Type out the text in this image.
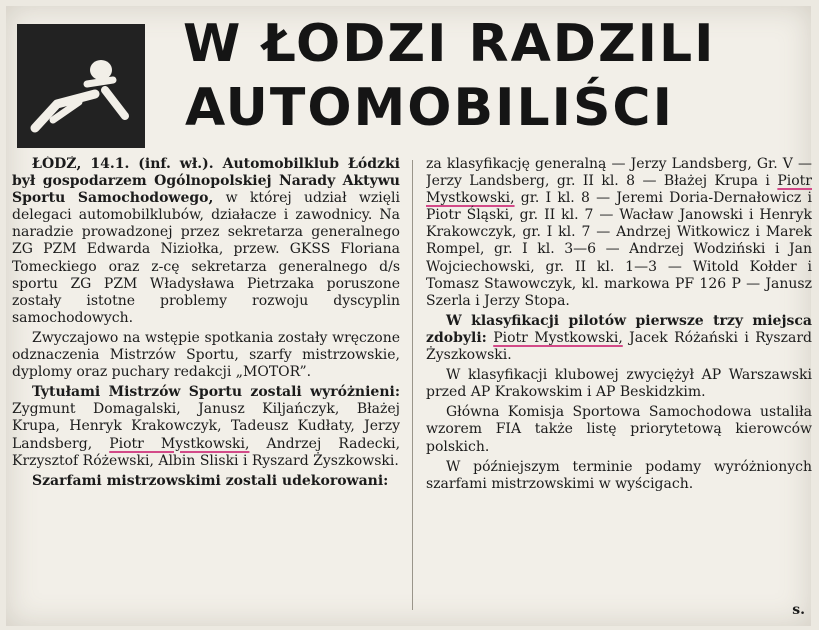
W ŁODZI RADZILI
AUTOMOBILIŚCI

ŁÓDŹ, 14.1. (inf. wł.). Automobilklub Łódzki był gospodarzem Ogólnopolskiej Narady Aktywu Sportu Samochodowego, w której udział wzięli delegaci automobilklubów, działacze i zawodnicy. Na naradzie prowadzonej przez sekretarza generalnego ZG PZM Edwarda Niziołka, przew. GKSS Floriana Tomeckiego oraz z-cę sekretarza generalnego d/s sportu ZG PZM Władysława Pietrzaka poruszone zostały istotne problemy rozwoju dyscyplin samochodowych.

Zwyczajowo na wstępie spotkania zostały wręczone odznaczenia Mistrzów Sportu, szarfy mistrzowskie, dyplomy oraz puchary redakcji „MOTOR”.

Tytułami Mistrzów Sportu zostali wyróżnieni: Zygmunt Domagalski, Janusz Kiljańczyk, Błażej Krupa, Henryk Krakowczyk, Tadeusz Kudłaty, Jerzy Landsberg, Piotr Mystkowski, Andrzej Radecki, Krzysztof Różewski, Albin Sliski i Ryszard Żyszkowski.

Szarfami mistrzowskimi zostali udekorowani:

za klasyfikację generalną — Jerzy Landsberg, Gr. V — Jerzy Landsberg, gr. II kl. 8 — Błażej Krupa i Piotr Mystkowski, gr. I kl. 8 — Jeremi Doria-Dernałowicz i Piotr Śląski, gr. II kl. 7 — Wacław Janowski i Henryk Krakowczyk, gr. I kl. 7 — Andrzej Witkowicz i Marek Rompel, gr. I kl. 3—6 — Andrzej Wodziński i Jan Wojciechowski, gr. II kl. 1—3 — Witold Kołder i Tomasz Stawowczyk, kl. markowa PF 126 P — Janusz Szerla i Jerzy Stopa.

W klasyfikacji pilotów pierwsze trzy miejsca zdobyli: Piotr Mystkowski, Jacek Różański i Ryszard Żyszkowski.

W klasyfikacji klubowej zwyciężył AP Warszawski przed AP Krakowskim i AP Beskidzkim.

Główna Komisja Sportowa Samochodowa ustaliła wzorem FIA także listę priorytetową kierowców polskich.

W późniejszym terminie podamy wyróżnionych szarfami mistrzowskimi w wyścigach.

s.
